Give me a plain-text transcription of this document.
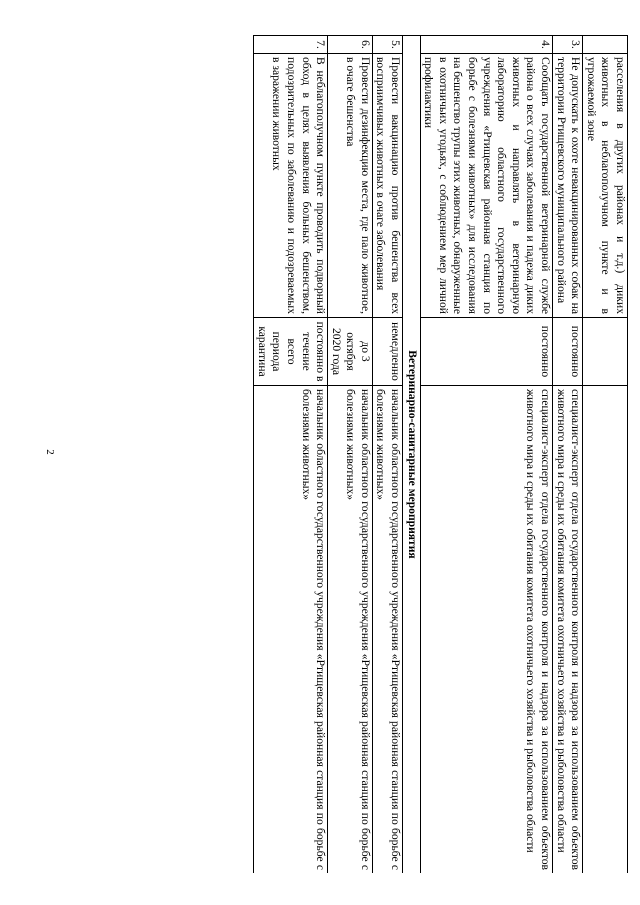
2
	расселения в других районах и т.д.) диких животных в неблагополучном пункте и в угрожаемой зоне		
3.	Не допускать к охоте невакцинированных собак на территории Ртищевского муниципального района	постоянно	специалист-эксперт отдела государственного контроля и надзора за использованием объектов животного мира и среды их обитания комитета охотничьего хозяйства и рыболовства области
4.	Сообщать государственной ветеринарной службе района о всех случаях заболевания и падежа диких животных и направлять в ветеринарную лабораторию областного государственного учреждения «Ртищевская районная станция по борьбе с болезнями животных» для исследования на бешенство трупы этих животных, обнаруженные в охотничьих угодьях, с соблюдением мер личной профилактики	постоянно	специалист-эксперт отдела государственного контроля и надзора за использованием объектов животного мира и среды их обитания комитета охотничьего хозяйства и рыболовства области
Ветеринарно-санитарные мероприятия			
5.	Провести вакцинацию против бешенства всех восприимчивых животных в очаге заболевания	немедленно	начальник областного государственного учреждения «Ртищевская районная станция по борьбе с болезнями животных»
6.	Провести дезинфекцию места, где пало животное, в очаге бешенства	до 3 октября 2020 года	начальник областного государственного учреждения «Ртищевская районная станция по борьбе с болезнями животных»
7.	В неблагополучном пункте проводить подворный обход в целях выявления больных бешенством, подозрительных по заболеванию и подозреваемых в заражении животных	постоянно в течение всего периода карантина	начальник областного государственного учреждения «Ртищевская районная станция по борьбе с болезнями животных»
